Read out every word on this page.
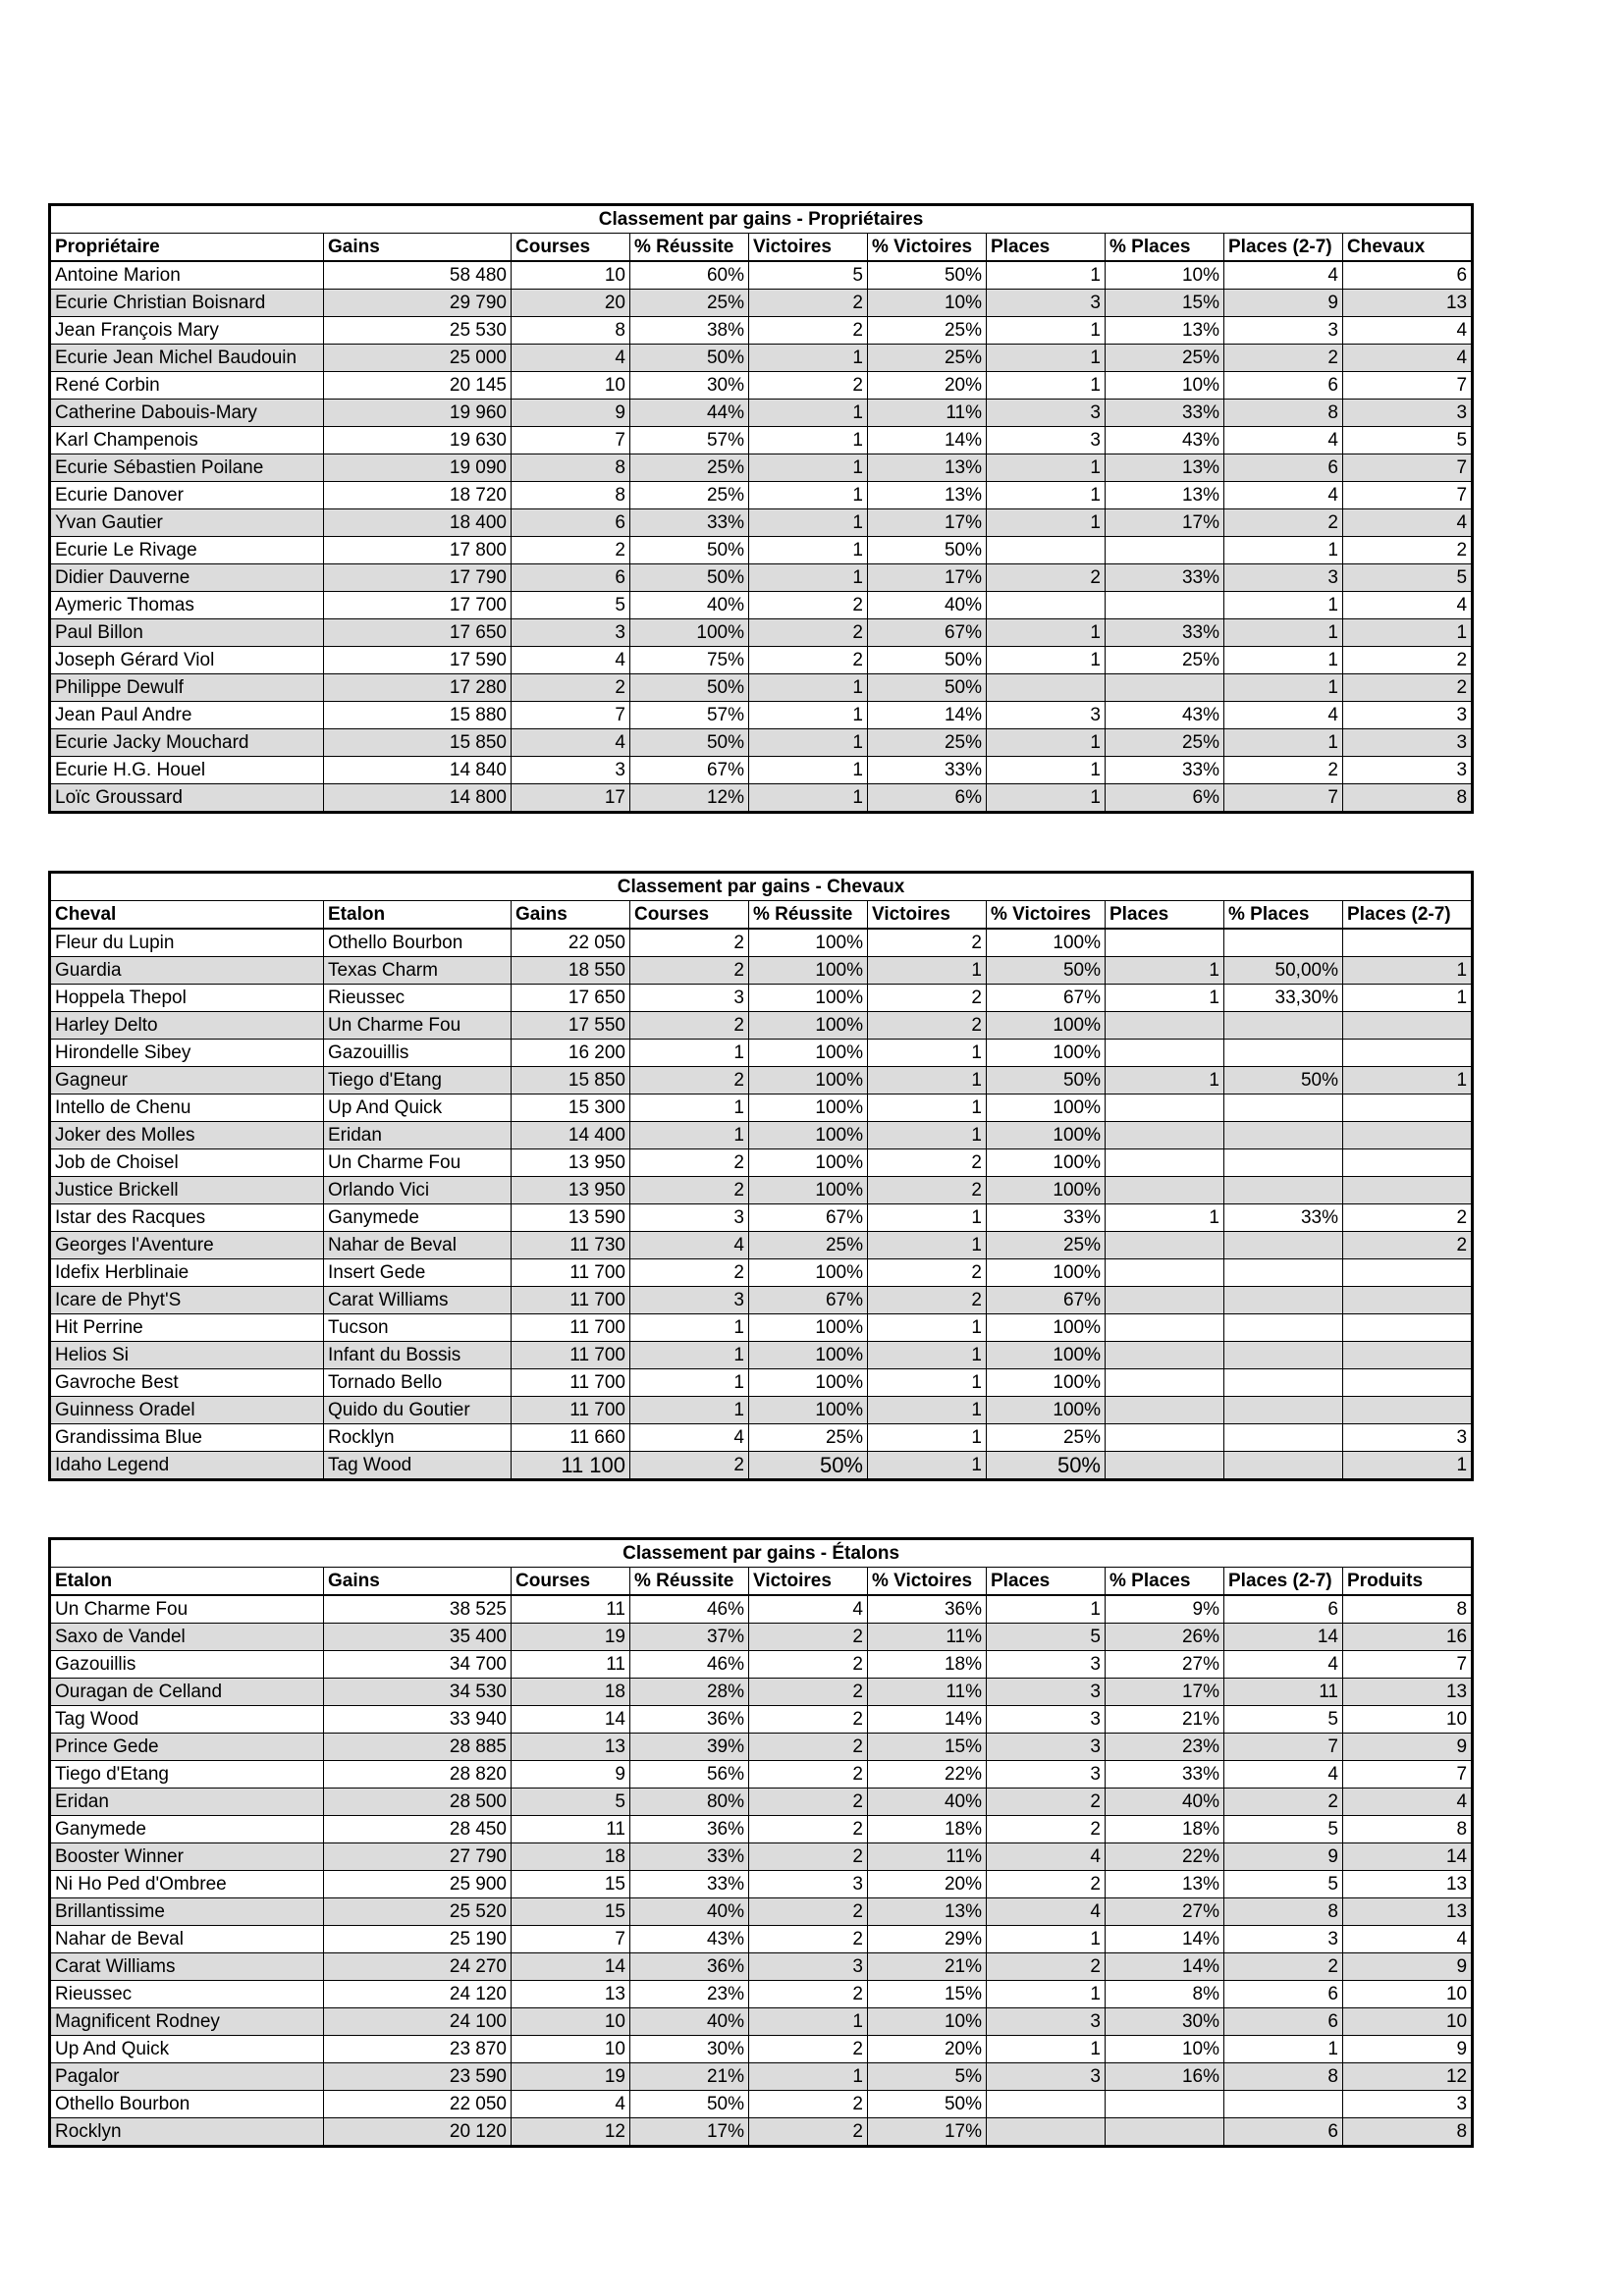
Classement par gains - Propriétaires									
Propriétaire	Gains	Courses	% Réussite	Victoires	% Victoires	Places	% Places	Places (2-7)	Chevaux
Antoine Marion	58 480	10	60%	5	50%	1	10%	4	6
Ecurie Christian Boisnard	29 790	20	25%	2	10%	3	15%	9	13
Jean François Mary	25 530	8	38%	2	25%	1	13%	3	4
Ecurie Jean Michel Baudouin	25 000	4	50%	1	25%	1	25%	2	4
René Corbin	20 145	10	30%	2	20%	1	10%	6	7
Catherine Dabouis-Mary	19 960	9	44%	1	11%	3	33%	8	3
Karl Champenois	19 630	7	57%	1	14%	3	43%	4	5
Ecurie Sébastien Poilane	19 090	8	25%	1	13%	1	13%	6	7
Ecurie Danover	18 720	8	25%	1	13%	1	13%	4	7
Yvan Gautier	18 400	6	33%	1	17%	1	17%	2	4
Ecurie Le Rivage	17 800	2	50%	1	50%			1	2
Didier Dauverne	17 790	6	50%	1	17%	2	33%	3	5
Aymeric Thomas	17 700	5	40%	2	40%			1	4
Paul Billon	17 650	3	100%	2	67%	1	33%	1	1
Joseph Gérard Viol	17 590	4	75%	2	50%	1	25%	1	2
Philippe Dewulf	17 280	2	50%	1	50%			1	2
Jean Paul Andre	15 880	7	57%	1	14%	3	43%	4	3
Ecurie Jacky Mouchard	15 850	4	50%	1	25%	1	25%	1	3
Ecurie H.G. Houel	14 840	3	67%	1	33%	1	33%	2	3
Loïc Groussard	14 800	17	12%	1	6%	1	6%	7	8
Classement par gains - Chevaux									
Cheval	Etalon	Gains	Courses	% Réussite	Victoires	% Victoires	Places	% Places	Places (2-7)
Fleur du Lupin	Othello Bourbon	22 050	2	100%	2	100%			
Guardia	Texas Charm	18 550	2	100%	1	50%	1	50,00%	1
Hoppela Thepol	Rieussec	17 650	3	100%	2	67%	1	33,30%	1
Harley Delto	Un Charme Fou	17 550	2	100%	2	100%			
Hirondelle Sibey	Gazouillis	16 200	1	100%	1	100%			
Gagneur	Tiego d'Etang	15 850	2	100%	1	50%	1	50%	1
Intello de Chenu	Up And Quick	15 300	1	100%	1	100%			
Joker des Molles	Eridan	14 400	1	100%	1	100%			
Job de Choisel	Un Charme Fou	13 950	2	100%	2	100%			
Justice Brickell	Orlando Vici	13 950	2	100%	2	100%			
Istar des Racques	Ganymede	13 590	3	67%	1	33%	1	33%	2
Georges l'Aventure	Nahar de Beval	11 730	4	25%	1	25%			2
Idefix Herblinaie	Insert Gede	11 700	2	100%	2	100%			
Icare de Phyt'S	Carat Williams	11 700	3	67%	2	67%			
Hit Perrine	Tucson	11 700	1	100%	1	100%			
Helios Si	Infant du Bossis	11 700	1	100%	1	100%			
Gavroche Best	Tornado Bello	11 700	1	100%	1	100%			
Guinness Oradel	Quido du Goutier	11 700	1	100%	1	100%			
Grandissima Blue	Rocklyn	11 660	4	25%	1	25%			3
Idaho Legend	Tag Wood	11 100	2	50%	1	50%			1
Classement par gains - Étalons									
Etalon	Gains	Courses	% Réussite	Victoires	% Victoires	Places	% Places	Places (2-7)	Produits
Un Charme Fou	38 525	11	46%	4	36%	1	9%	6	8
Saxo de Vandel	35 400	19	37%	2	11%	5	26%	14	16
Gazouillis	34 700	11	46%	2	18%	3	27%	4	7
Ouragan de Celland	34 530	18	28%	2	11%	3	17%	11	13
Tag Wood	33 940	14	36%	2	14%	3	21%	5	10
Prince Gede	28 885	13	39%	2	15%	3	23%	7	9
Tiego d'Etang	28 820	9	56%	2	22%	3	33%	4	7
Eridan	28 500	5	80%	2	40%	2	40%	2	4
Ganymede	28 450	11	36%	2	18%	2	18%	5	8
Booster Winner	27 790	18	33%	2	11%	4	22%	9	14
Ni Ho Ped d'Ombree	25 900	15	33%	3	20%	2	13%	5	13
Brillantissime	25 520	15	40%	2	13%	4	27%	8	13
Nahar de Beval	25 190	7	43%	2	29%	1	14%	3	4
Carat Williams	24 270	14	36%	3	21%	2	14%	2	9
Rieussec	24 120	13	23%	2	15%	1	8%	6	10
Magnificent Rodney	24 100	10	40%	1	10%	3	30%	6	10
Up And Quick	23 870	10	30%	2	20%	1	10%	1	9
Pagalor	23 590	19	21%	1	5%	3	16%	8	12
Othello Bourbon	22 050	4	50%	2	50%				3
Rocklyn	20 120	12	17%	2	17%			6	8
